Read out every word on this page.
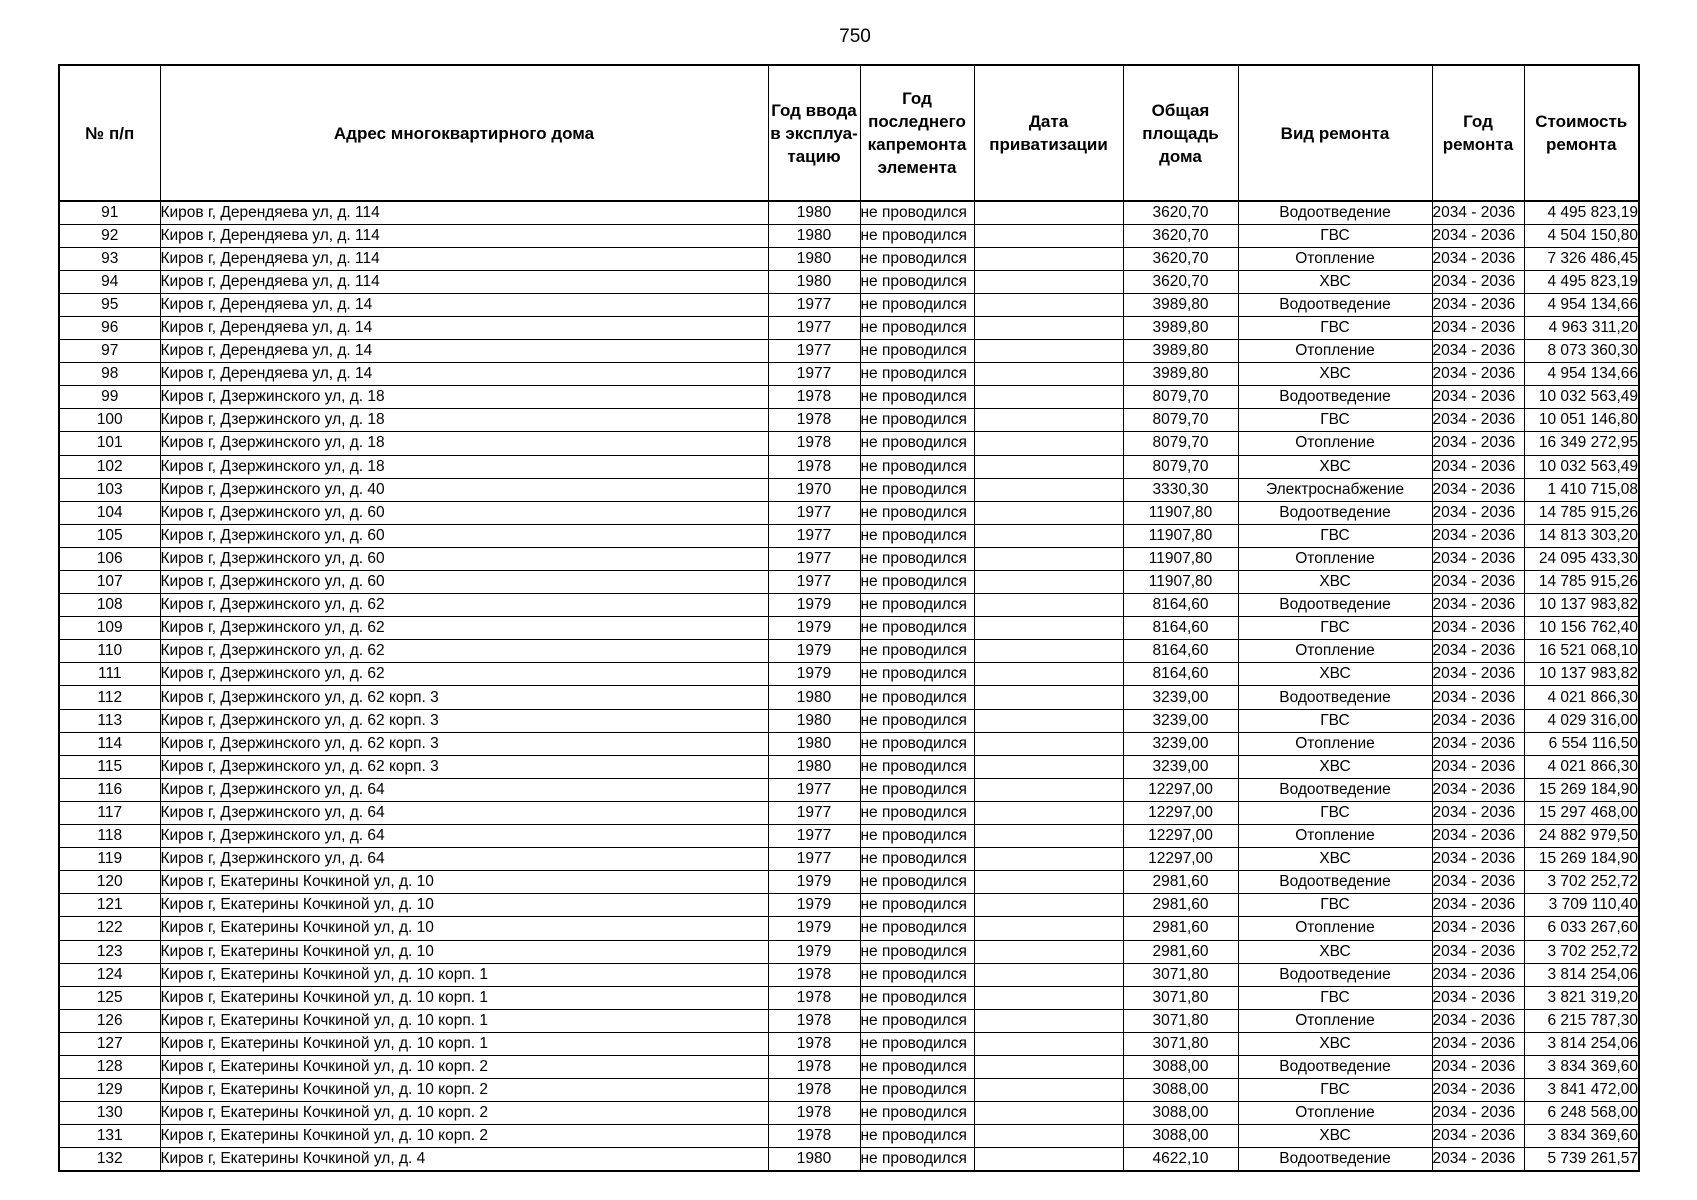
750
№ п/п	Адрес многоквартирного дома	Год ввода в эксплуа-тацию	Год последнего капремонта элемента	Дата приватизации	Общая площадь дома	Вид ремонта	Год ремонта	Стоимость ремонта
91	Киров г, Дерендяева ул, д. 114	1980	не проводился		3620,70	Водоотведение	2034 - 2036	4 495 823,19
92	Киров г, Дерендяева ул, д. 114	1980	не проводился		3620,70	ГВС	2034 - 2036	4 504 150,80
93	Киров г, Дерендяева ул, д. 114	1980	не проводился		3620,70	Отопление	2034 - 2036	7 326 486,45
94	Киров г, Дерендяева ул, д. 114	1980	не проводился		3620,70	ХВС	2034 - 2036	4 495 823,19
95	Киров г, Дерендяева ул, д. 14	1977	не проводился		3989,80	Водоотведение	2034 - 2036	4 954 134,66
96	Киров г, Дерендяева ул, д. 14	1977	не проводился		3989,80	ГВС	2034 - 2036	4 963 311,20
97	Киров г, Дерендяева ул, д. 14	1977	не проводился		3989,80	Отопление	2034 - 2036	8 073 360,30
98	Киров г, Дерендяева ул, д. 14	1977	не проводился		3989,80	ХВС	2034 - 2036	4 954 134,66
99	Киров г, Дзержинского ул, д. 18	1978	не проводился		8079,70	Водоотведение	2034 - 2036	10 032 563,49
100	Киров г, Дзержинского ул, д. 18	1978	не проводился		8079,70	ГВС	2034 - 2036	10 051 146,80
101	Киров г, Дзержинского ул, д. 18	1978	не проводился		8079,70	Отопление	2034 - 2036	16 349 272,95
102	Киров г, Дзержинского ул, д. 18	1978	не проводился		8079,70	ХВС	2034 - 2036	10 032 563,49
103	Киров г, Дзержинского ул, д. 40	1970	не проводился		3330,30	Электроснабжение	2034 - 2036	1 410 715,08
104	Киров г, Дзержинского ул, д. 60	1977	не проводился		11907,80	Водоотведение	2034 - 2036	14 785 915,26
105	Киров г, Дзержинского ул, д. 60	1977	не проводился		11907,80	ГВС	2034 - 2036	14 813 303,20
106	Киров г, Дзержинского ул, д. 60	1977	не проводился		11907,80	Отопление	2034 - 2036	24 095 433,30
107	Киров г, Дзержинского ул, д. 60	1977	не проводился		11907,80	ХВС	2034 - 2036	14 785 915,26
108	Киров г, Дзержинского ул, д. 62	1979	не проводился		8164,60	Водоотведение	2034 - 2036	10 137 983,82
109	Киров г, Дзержинского ул, д. 62	1979	не проводился		8164,60	ГВС	2034 - 2036	10 156 762,40
110	Киров г, Дзержинского ул, д. 62	1979	не проводился		8164,60	Отопление	2034 - 2036	16 521 068,10
111	Киров г, Дзержинского ул, д. 62	1979	не проводился		8164,60	ХВС	2034 - 2036	10 137 983,82
112	Киров г, Дзержинского ул, д. 62 корп. 3	1980	не проводился		3239,00	Водоотведение	2034 - 2036	4 021 866,30
113	Киров г, Дзержинского ул, д. 62 корп. 3	1980	не проводился		3239,00	ГВС	2034 - 2036	4 029 316,00
114	Киров г, Дзержинского ул, д. 62 корп. 3	1980	не проводился		3239,00	Отопление	2034 - 2036	6 554 116,50
115	Киров г, Дзержинского ул, д. 62 корп. 3	1980	не проводился		3239,00	ХВС	2034 - 2036	4 021 866,30
116	Киров г, Дзержинского ул, д. 64	1977	не проводился		12297,00	Водоотведение	2034 - 2036	15 269 184,90
117	Киров г, Дзержинского ул, д. 64	1977	не проводился		12297,00	ГВС	2034 - 2036	15 297 468,00
118	Киров г, Дзержинского ул, д. 64	1977	не проводился		12297,00	Отопление	2034 - 2036	24 882 979,50
119	Киров г, Дзержинского ул, д. 64	1977	не проводился		12297,00	ХВС	2034 - 2036	15 269 184,90
120	Киров г, Екатерины Кочкиной ул, д. 10	1979	не проводился		2981,60	Водоотведение	2034 - 2036	3 702 252,72
121	Киров г, Екатерины Кочкиной ул, д. 10	1979	не проводился		2981,60	ГВС	2034 - 2036	3 709 110,40
122	Киров г, Екатерины Кочкиной ул, д. 10	1979	не проводился		2981,60	Отопление	2034 - 2036	6 033 267,60
123	Киров г, Екатерины Кочкиной ул, д. 10	1979	не проводился		2981,60	ХВС	2034 - 2036	3 702 252,72
124	Киров г, Екатерины Кочкиной ул, д. 10 корп. 1	1978	не проводился		3071,80	Водоотведение	2034 - 2036	3 814 254,06
125	Киров г, Екатерины Кочкиной ул, д. 10 корп. 1	1978	не проводился		3071,80	ГВС	2034 - 2036	3 821 319,20
126	Киров г, Екатерины Кочкиной ул, д. 10 корп. 1	1978	не проводился		3071,80	Отопление	2034 - 2036	6 215 787,30
127	Киров г, Екатерины Кочкиной ул, д. 10 корп. 1	1978	не проводился		3071,80	ХВС	2034 - 2036	3 814 254,06
128	Киров г, Екатерины Кочкиной ул, д. 10 корп. 2	1978	не проводился		3088,00	Водоотведение	2034 - 2036	3 834 369,60
129	Киров г, Екатерины Кочкиной ул, д. 10 корп. 2	1978	не проводился		3088,00	ГВС	2034 - 2036	3 841 472,00
130	Киров г, Екатерины Кочкиной ул, д. 10 корп. 2	1978	не проводился		3088,00	Отопление	2034 - 2036	6 248 568,00
131	Киров г, Екатерины Кочкиной ул, д. 10 корп. 2	1978	не проводился		3088,00	ХВС	2034 - 2036	3 834 369,60
132	Киров г, Екатерины Кочкиной ул, д. 4	1980	не проводился		4622,10	Водоотведение	2034 - 2036	5 739 261,57
